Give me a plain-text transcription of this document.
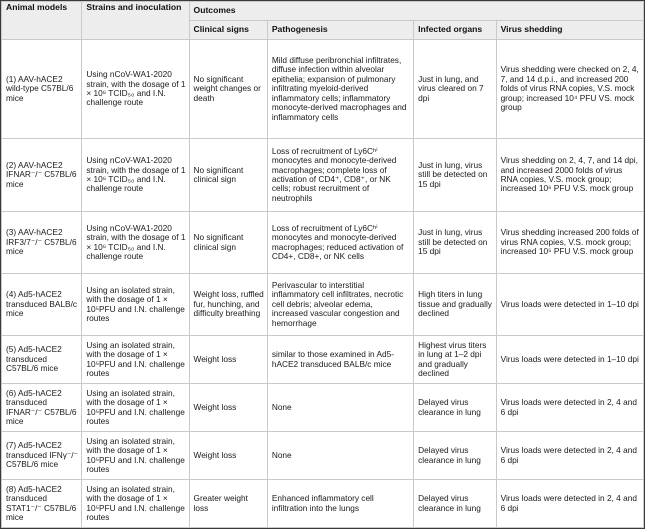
Animal models	Strains and inoculation	Outcomes			
		Clinical signs	Pathogenesis	Infected organs	Virus shedding
(1) AAV-hACE2 wild-type C57BL/6 mice	Using nCoV-WA1-2020 strain, with the dosage of 1 × 10⁶ TCID₅₀ and I.N. challenge route	No significant weight changes or death	Mild diffuse peribronchial infiltrates, diffuse infection within alveolar epithelia; expansion of pulmonary infiltrating myeloid-derived inflammatory cells; inflammatory monocyte-derived macrophages and inflammatory cells	Just in lung, and virus cleared on 7 dpi	Virus shedding were checked on 2, 4, 7, and 14 d.p.i., and increased 200 folds of virus RNA copies, V.S. mock group; increased 10⁴ PFU VS. mock group
(2) AAV-hACE2 IFNAR⁻/⁻ C57BL/6 mice	Using nCoV-WA1-2020 strain, with the dosage of 1 × 10⁶ TCID₅₀ and I.N. challenge route	No significant clinical sign	Loss of recruitment of Ly6Cʰⁱ monocytes and monocyte-derived macrophages; complete loss of activation of CD4⁺, CD8⁺, or NK cells; robust recruitment of neutrophils	Just in lung, virus still be detected on 15 dpi	Virus shedding on 2, 4, 7, and 14 dpi, and increased 2000 folds of virus RNA copies, V.S. mock group; increased 10⁶ PFU V.S. mock group
(3) AAV-hACE2 IRF3/7⁻/⁻ C57BL/6 mice	Using nCoV-WA1-2020 strain, with the dosage of 1 × 10⁶ TCID₅₀ and I.N. challenge route	No significant clinical sign	Loss of recruitment of Ly6Cʰⁱ monocytes and monocyte-derived macrophages; reduced activation of CD4+, CD8+, or NK cells	Just in lung, virus still be detected on 15 dpi	Virus shedding increased 200 folds of virus RNA copies, V.S. mock group; increased 10⁵ PFU V.S. mock group
(4) Ad5-hACE2 transduced BALB/c mice	Using an isolated strain, with the dosage of 1 × 10⁵PFU and I.N. challenge routes	Weight loss, ruffled fur, hunching, and difficulty breathing	Perivascular to interstitial inflammatory cell infiltrates, necrotic cell debris; alveolar edema, increased vascular congestion and hemorrhage	High titers in lung tissue and gradually declined	Virus loads were detected in 1–10 dpi
(5) Ad5-hACE2 transduced C57BL/6 mice	Using an isolated strain, with the dosage of 1 × 10⁵PFU and I.N. challenge routes	Weight loss	similar to those examined in Ad5-hACE2 transduced BALB/c mice	Highest virus titers in lung at 1–2 dpi and gradually declined	Virus loads were detected in 1–10 dpi
(6) Ad5-hACE2 transduced IFNAR⁻/⁻ C57BL/6 mice	Using an isolated strain, with the dosage of 1 × 10⁵PFU and I.N. challenge routes	Weight loss	None	Delayed virus clearance in lung	Virus loads were detected in 2, 4 and 6 dpi
(7) Ad5-hACE2 transduced IFNγ⁻/⁻ C57BL/6 mice	Using an isolated strain, with the dosage of 1 × 10⁵PFU and I.N. challenge routes	Weight loss	None	Delayed virus clearance in lung	Virus loads were detected in 2, 4 and 6 dpi
(8) Ad5-hACE2 transduced STAT1⁻/⁻ C57BL/6 mice	Using an isolated strain, with the dosage of 1 × 10⁵PFU and I.N. challenge routes	Greater weight loss	Enhanced inflammatory cell infiltration into the lungs	Delayed virus clearance in lung	Virus loads were detected in 2, 4 and 6 dpi
